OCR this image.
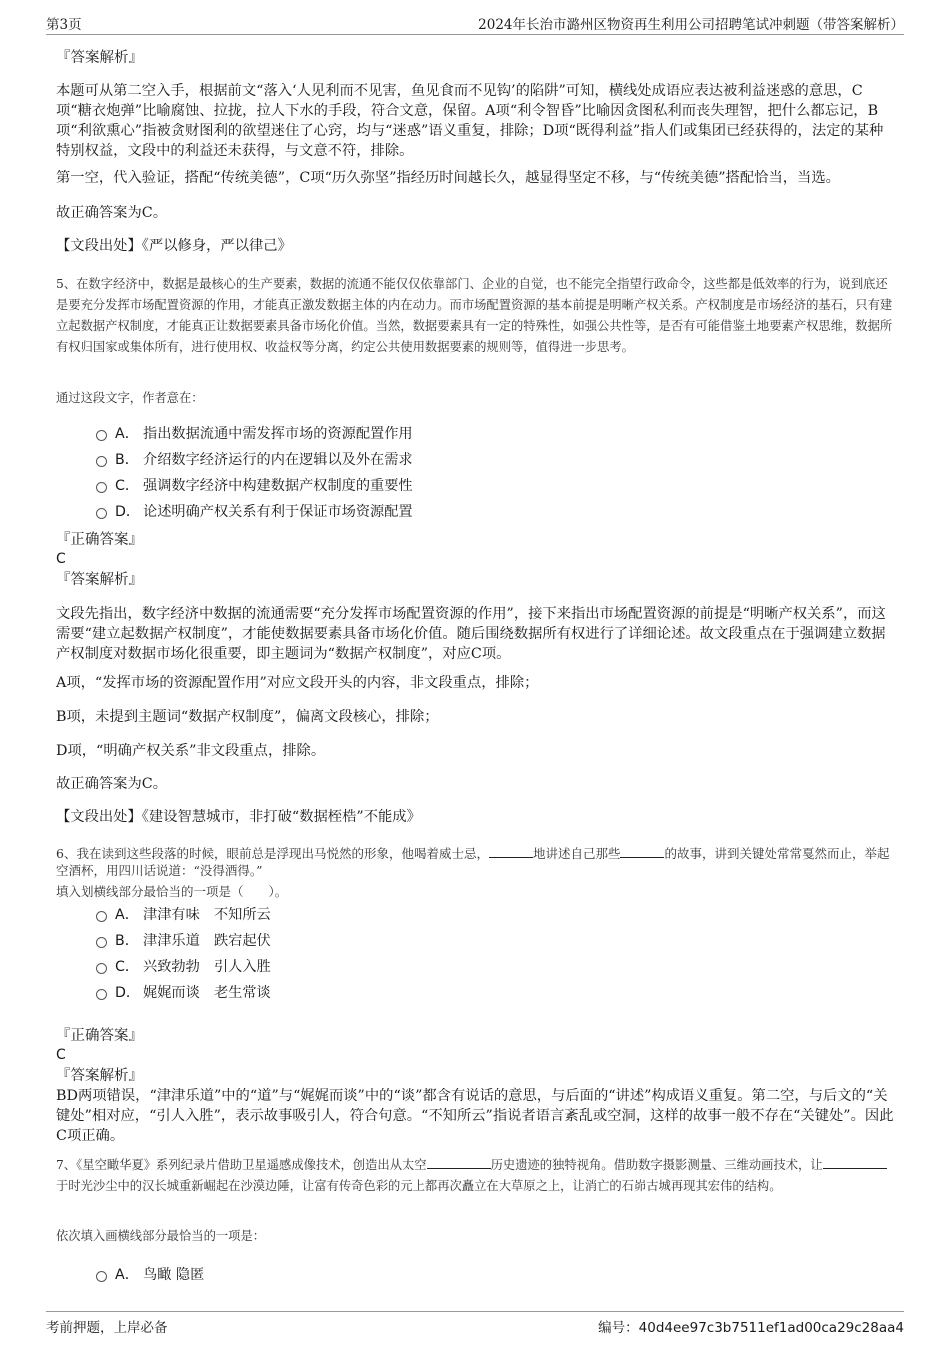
第3页	2024年长治市潞州区物资再生利用公司招聘笔试冲刺题（带答案解析）
『答案解析』
本题可从第二空入手，根据前文“落入‘人见利而不见害，鱼见食而不见钩’的陷阱”可知，横线处成语应表达被利益迷惑的意思，C项“糖衣炮弹”比喻腐蚀、拉拢，拉人下水的手段，符合文意，保留。A项“利令智昏”比喻因贪图私利而丧失理智，把什么都忘记，B项“利欲熏心”指被贪财图利的欲望迷住了心窍，均与“迷惑”语义重复，排除；D项“既得利益”指人们或集团已经获得的，法定的某种特别权益，文段中的利益还未获得，与文意不符，排除。
第一空，代入验证，搭配“传统美德”，C项“历久弥坚”指经历时间越长久，越显得坚定不移，与“传统美德”搭配恰当，当选。
故正确答案为C。
【文段出处】《严以修身，严以律己》
5、在数字经济中，数据是最核心的生产要素，数据的流通不能仅仅依靠部门、企业的自觉，也不能完全指望行政命令，这些都是低效率的行为，说到底还是要充分发挥市场配置资源的作用，才能真正激发数据主体的内在动力。而市场配置资源的基本前提是明晰产权关系。产权制度是市场经济的基石，只有建立起数据产权制度，才能真正让数据要素具备市场化价值。当然，数据要素具有一定的特殊性，如强公共性等，是否有可能借鉴土地要素产权思维，数据所有权归国家或集体所有，进行使用权、收益权等分离，约定公共使用数据要素的规则等，值得进一步思考。
通过这段文字，作者意在：
A． 指出数据流通中需发挥市场的资源配置作用
B． 介绍数字经济运行的内在逻辑以及外在需求
C． 强调数字经济中构建数据产权制度的重要性
D． 论述明确产权关系有利于保证市场资源配置
『正确答案』
C
『答案解析』
文段先指出，数字经济中数据的流通需要“充分发挥市场配置资源的作用”，接下来指出市场配置资源的前提是“明晰产权关系”，而这需要“建立起数据产权制度”，才能使数据要素具备市场化价值。随后围绕数据所有权进行了详细论述。故文段重点在于强调建立数据产权制度对数据市场化很重要，即主题词为“数据产权制度”，对应C项。
A项，“发挥市场的资源配置作用”对应文段开头的内容，非文段重点，排除；
B项，未提到主题词“数据产权制度”，偏离文段核心，排除；
D项，“明确产权关系”非文段重点，排除。
故正确答案为C。
【文段出处】《建设智慧城市，非打破“数据桎梏”不能成》
6、我在读到这些段落的时候，眼前总是浮现出马悦然的形象，他喝着威士忌，	地讲述自己那些	的故事，讲到关键处常常戛然而止，举起空酒杯，用四川话说道：“没得酒得。”
填入划横线部分最恰当的一项是（　　）。
A． 津津有味　不知所云
B． 津津乐道　跌宕起伏
C． 兴致勃勃　引人入胜
D． 娓娓而谈　老生常谈
『正确答案』
C
『答案解析』
BD两项错误，“津津乐道”中的“道”与“娓娓而谈”中的“谈”都含有说话的意思，与后面的“讲述”构成语义重复。第二空，与后文的“关键处”相对应，“引人入胜”，表示故事吸引人，符合句意。“不知所云”指说者语言紊乱或空洞，这样的故事一般不存在“关键处”。因此C项正确。
7、《星空瞰华夏》系列纪录片借助卫星遥感成像技术，创造出从太空	历史遗迹的独特视角。借助数字摄影测量、三维动画技术，让于时光沙尘中的汉长城重新崛起在沙漠边陲，让富有传奇色彩的元上都再次矗立在大草原之上，让消亡的石峁古城再现其宏伟的结构。
依次填入画横线部分最恰当的一项是：
A． 鸟瞰 隐匿
考前押题，上岸必备	编号：40d4ee97c3b7511ef1ad00ca29c28aa4
